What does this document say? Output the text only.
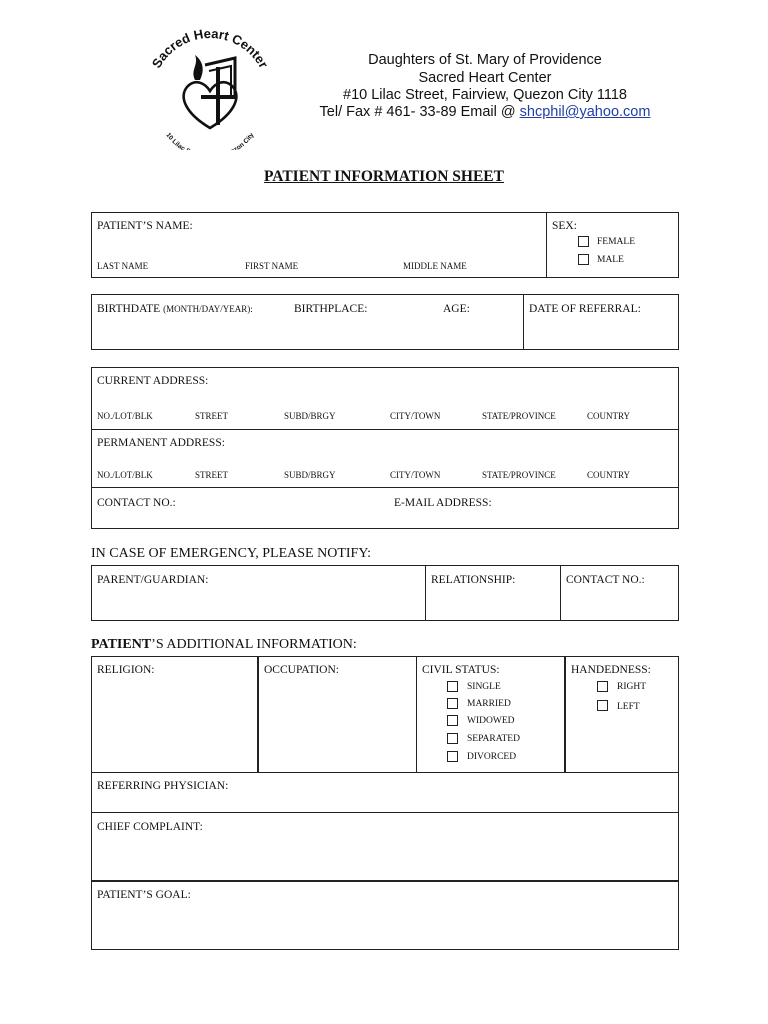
Sacred Heart Center
10 Lilac zon City
Daughters of St. Mary of Providence
Sacred Heart Center
#10 Lilac Street, Fairview, Quezon City 1118
Tel/ Fax # 461- 33-89 Email @ shcphil@yahoo.com
PATIENT INFORMATION SHEET
PATIENT’S NAME:
LAST NAME	FIRST NAME	MIDDLE NAME
SEX:
FEMALE
MALE
BIRTHDATE (MONTH/DAY/YEAR):	BIRTHPLACE:	AGE:	DATE OF REFERRAL:
CURRENT ADDRESS:
NO./LOT/BLK	STREET	SUBD/BRGY	CITY/TOWN	STATE/PROVINCE	COUNTRY
PERMANENT ADDRESS:
NO./LOT/BLK	STREET	SUBD/BRGY	CITY/TOWN	STATE/PROVINCE	COUNTRY
CONTACT NO.:	E-MAIL ADDRESS:
IN CASE OF EMERGENCY, PLEASE NOTIFY:
PARENT/GUARDIAN:	RELATIONSHIP:	CONTACT NO.:
PATIENT’S ADDITIONAL INFORMATION:
RELIGION:	OCCUPATION:	CIVIL STATUS:
SINGLE
MARRIED
WIDOWED
SEPARATED
DIVORCED
HANDEDNESS:
RIGHT
LEFT
REFERRING PHYSICIAN:
CHIEF COMPLAINT:
PATIENT’S GOAL:
